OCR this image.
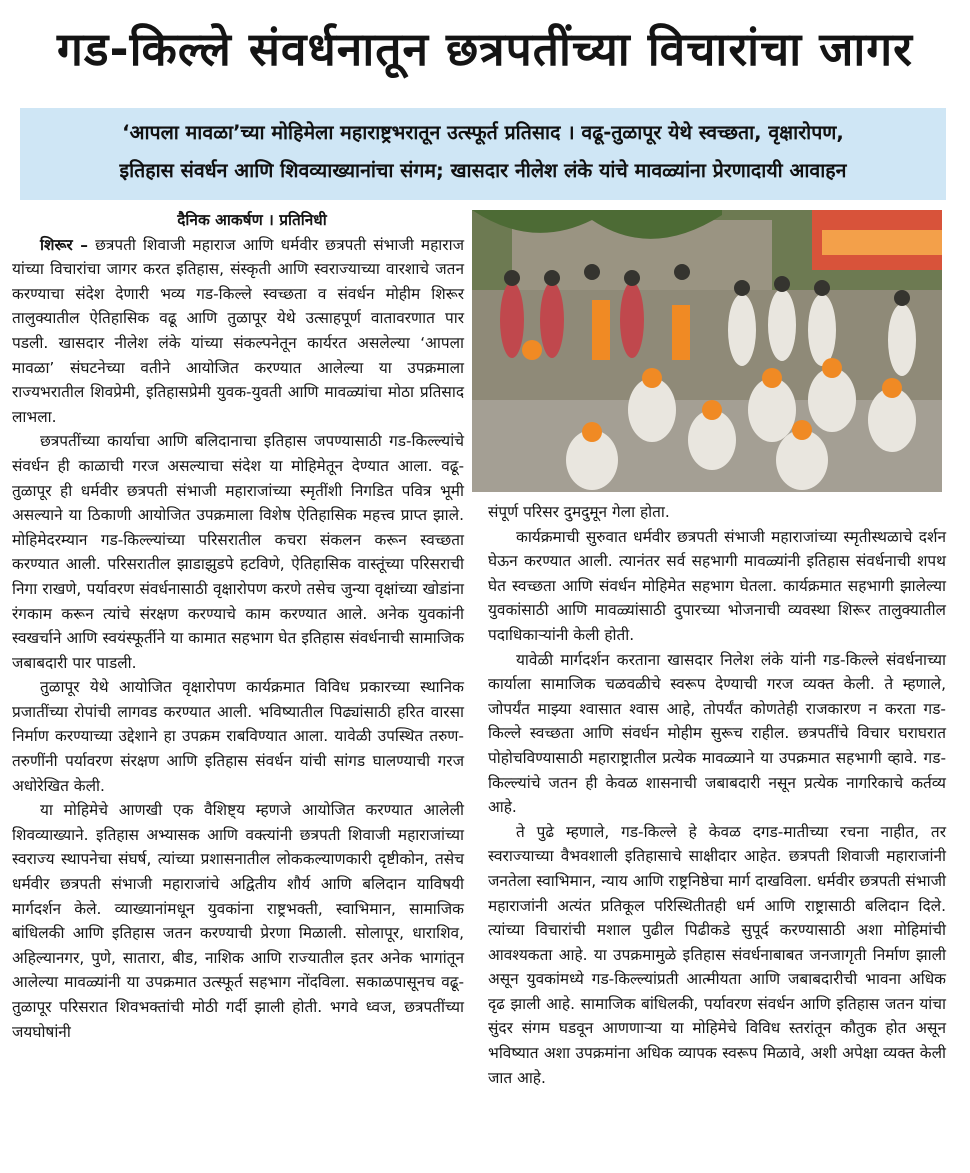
गड-किल्ले संवर्धनातून छत्रपतींच्या विचारांचा जागर
‘आपला मावळा’च्या मोहिमेला महाराष्ट्रभरातून उत्स्फूर्त प्रतिसाद । वढू-तुळापूर येथे स्वच्छता, वृक्षारोपण,
इतिहास संवर्धन आणि शिवव्याख्यानांचा संगम; खासदार नीलेश लंके यांचे मावळ्यांना प्रेरणादायी आवाहन

दैनिक आकर्षण । प्रतिनिधी

शिरूर – छत्रपती शिवाजी महाराज आणि धर्मवीर छत्रपती संभाजी महाराज यांच्या विचारांचा जागर करत इतिहास, संस्कृती आणि स्वराज्याच्या वारशाचे जतन करण्याचा संदेश देणारी भव्य गड-किल्ले स्वच्छता व संवर्धन मोहीम शिरूर तालुक्यातील ऐतिहासिक वढू आणि तुळापूर येथे उत्साहपूर्ण वातावरणात पार पडली. खासदार नीलेश लंके यांच्या संकल्पनेतून कार्यरत असलेल्या ‘आपला मावळा’ संघटनेच्या वतीने आयोजित करण्यात आलेल्या या उपक्रमाला राज्यभरातील शिवप्रेमी, इतिहासप्रेमी युवक-युवती आणि मावळ्यांचा मोठा प्रतिसाद लाभला.

छत्रपतींच्या कार्याचा आणि बलिदानाचा इतिहास जपण्यासाठी गड-किल्ल्यांचे संवर्धन ही काळाची गरज असल्याचा संदेश या मोहिमेतून देण्यात आला. वढू-तुळापूर ही धर्मवीर छत्रपती संभाजी महाराजांच्या स्मृतींशी निगडित पवित्र भूमी असल्याने या ठिकाणी आयोजित उपक्रमाला विशेष ऐतिहासिक महत्त्व प्राप्त झाले. मोहिमेदरम्यान गड-किल्ल्यांच्या परिसरातील कचरा संकलन करून स्वच्छता करण्यात आली. परिसरातील झाडाझुडपे हटविणे, ऐतिहासिक वास्तूंच्या परिसराची निगा राखणे, पर्यावरण संवर्धनासाठी वृक्षारोपण करणे तसेच जुन्या वृक्षांच्या खोडांना रंगकाम करून त्यांचे संरक्षण करण्याचे काम करण्यात आले. अनेक युवकांनी स्वखर्चाने आणि स्वयंस्फूर्तीने या कामात सहभाग घेत इतिहास संवर्धनाची सामाजिक जबाबदारी पार पाडली.

तुळापूर येथे आयोजित वृक्षारोपण कार्यक्रमात विविध प्रकारच्या स्थानिक प्रजातींच्या रोपांची लागवड करण्यात आली. भविष्यातील पिढ्यांसाठी हरित वारसा निर्माण करण्याच्या उद्देशाने हा उपक्रम राबविण्यात आला. यावेळी उपस्थित तरुण-तरुणींनी पर्यावरण संरक्षण आणि इतिहास संवर्धन यांची सांगड घालण्याची गरज अधोरेखित केली.

या मोहिमेचे आणखी एक वैशिष्ट्य म्हणजे आयोजित करण्यात आलेली शिवव्याख्याने. इतिहास अभ्यासक आणि वक्त्यांनी छत्रपती शिवाजी महाराजांच्या स्वराज्य स्थापनेचा संघर्ष, त्यांच्या प्रशासनातील लोककल्याणकारी दृष्टीकोन, तसेच धर्मवीर छत्रपती संभाजी महाराजांचे अद्वितीय शौर्य आणि बलिदान याविषयी मार्गदर्शन केले. व्याख्यानांमधून युवकांना राष्ट्रभक्ती, स्वाभिमान, सामाजिक बांधिलकी आणि इतिहास जतन करण्याची प्रेरणा मिळाली. सोलापूर, धाराशिव, अहिल्यानगर, पुणे, सातारा, बीड, नाशिक आणि राज्यातील इतर अनेक भागांतून आलेल्या मावळ्यांनी या उपक्रमात उत्स्फूर्त सहभाग नोंदविला. सकाळपासूनच वढू-तुळापूर परिसरात शिवभक्तांची मोठी गर्दी झाली होती. भगवे ध्वज, छत्रपतींच्या जयघोषांनी

संपूर्ण परिसर दुमदुमून गेला होता.

कार्यक्रमाची सुरुवात धर्मवीर छत्रपती संभाजी महाराजांच्या स्मृतीस्थळाचे दर्शन घेऊन करण्यात आली. त्यानंतर सर्व सहभागी मावळ्यांनी इतिहास संवर्धनाची शपथ घेत स्वच्छता आणि संवर्धन मोहिमेत सहभाग घेतला. कार्यक्रमात सहभागी झालेल्या युवकांसाठी आणि मावळ्यांसाठी दुपारच्या भोजनाची व्यवस्था शिरूर तालुक्यातील पदाधिकाऱ्यांनी केली होती.

यावेळी मार्गदर्शन करताना खासदार निलेश लंके यांनी गड-किल्ले संवर्धनाच्या कार्याला सामाजिक चळवळीचे स्वरूप देण्याची गरज व्यक्त केली. ते म्हणाले, जोपर्यंत माझ्या श्वासात श्वास आहे, तोपर्यंत कोणतेही राजकारण न करता गड-किल्ले स्वच्छता आणि संवर्धन मोहीम सुरूच राहील. छत्रपतींचे विचार घराघरात पोहोचविण्यासाठी महाराष्ट्रातील प्रत्येक मावळ्याने या उपक्रमात सहभागी व्हावे. गड-किल्ल्यांचे जतन ही केवळ शासनाची जबाबदारी नसून प्रत्येक नागरिकाचे कर्तव्य आहे.

ते पुढे म्हणाले, गड-किल्ले हे केवळ दगड-मातीच्या रचना नाहीत, तर स्वराज्याच्या वैभवशाली इतिहासाचे साक्षीदार आहेत. छत्रपती शिवाजी महाराजांनी जनतेला स्वाभिमान, न्याय आणि राष्ट्रनिष्ठेचा मार्ग दाखविला. धर्मवीर छत्रपती संभाजी महाराजांनी अत्यंत प्रतिकूल परिस्थितीतही धर्म आणि राष्ट्रासाठी बलिदान दिले. त्यांच्या विचारांची मशाल पुढील पिढीकडे सुपूर्द करण्यासाठी अशा मोहिमांची आवश्यकता आहे. या उपक्रमामुळे इतिहास संवर्धनाबाबत जनजागृती निर्माण झाली असून युवकांमध्ये गड-किल्ल्यांप्रती आत्मीयता आणि जबाबदारीची भावना अधिक दृढ झाली आहे. सामाजिक बांधिलकी, पर्यावरण संवर्धन आणि इतिहास जतन यांचा सुंदर संगम घडवून आणणाऱ्या या मोहिमेचे विविध स्तरांतून कौतुक होत असून भविष्यात अशा उपक्रमांना अधिक व्यापक स्वरूप मिळावे, अशी अपेक्षा व्यक्त केली जात आहे.
